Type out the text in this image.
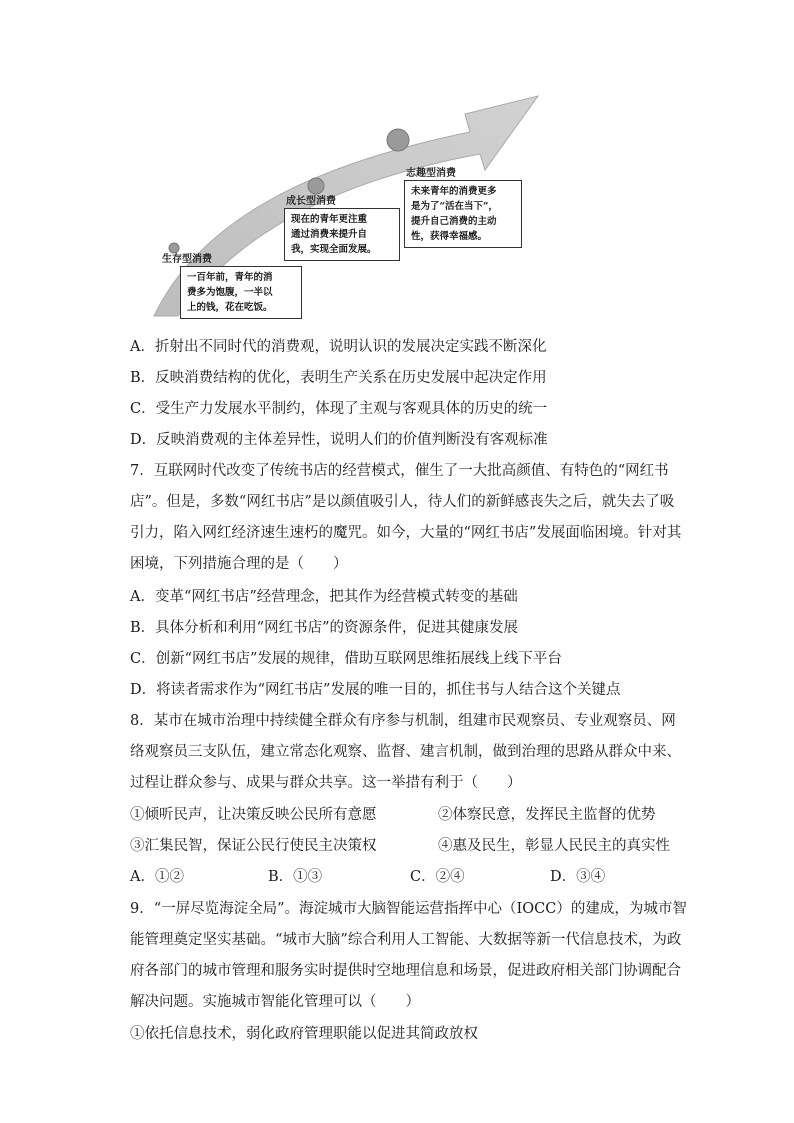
生存型消费
一百年前，青年的消
费多为饱腹，一半以
上的钱，花在吃饭。
成长型消费
现在的青年更注重
通过消费来提升自
我，实现全面发展。
志趣型消费
未来青年的消费更多
是为了“活在当下”，
提升自己消费的主动
性，获得幸福感。
A．折射出不同时代的消费观，说明认识的发展决定实践不断深化
B．反映消费结构的优化，表明生产关系在历史发展中起决定作用
C．受生产力发展水平制约，体现了主观与客观具体的历史的统一
D．反映消费观的主体差异性，说明人们的价值判断没有客观标准
7．互联网时代改变了传统书店的经营模式，催生了一大批高颜值、有特色的“网红书
店”。但是，多数“网红书店”是以颜值吸引人，待人们的新鲜感丧失之后，就失去了吸
引力，陷入网红经济速生速朽的魔咒。如今，大量的“网红书店”发展面临困境。针对其
困境，下列措施合理的是（　　）
A．变革“网红书店”经营理念，把其作为经营模式转变的基础
B．具体分析和利用“网红书店”的资源条件，促进其健康发展
C．创新“网红书店”发展的规律，借助互联网思维拓展线上线下平台
D．将读者需求作为“网红书店”发展的唯一目的，抓住书与人结合这个关键点
8．某市在城市治理中持续健全群众有序参与机制，组建市民观察员、专业观察员、网
络观察员三支队伍，建立常态化观察、监督、建言机制，做到治理的思路从群众中来、
过程让群众参与、成果与群众共享。这一举措有利于（　　）
①倾听民声，让决策反映公民所有意愿	②体察民意，发挥民主监督的优势
③汇集民智，保证公民行使民主决策权	④惠及民生，彰显人民民主的真实性
A．①②	B．①③	C．②④	D．③④
9．“一屏尽览海淀全局”。海淀城市大脑智能运营指挥中心（IOCC）的建成，为城市智
能管理奠定坚实基础。“城市大脑”综合利用人工智能、大数据等新一代信息技术，为政
府各部门的城市管理和服务实时提供时空地理信息和场景，促进政府相关部门协调配合
解决问题。实施城市智能化管理可以（　　）
①依托信息技术，弱化政府管理职能以促进其简政放权
